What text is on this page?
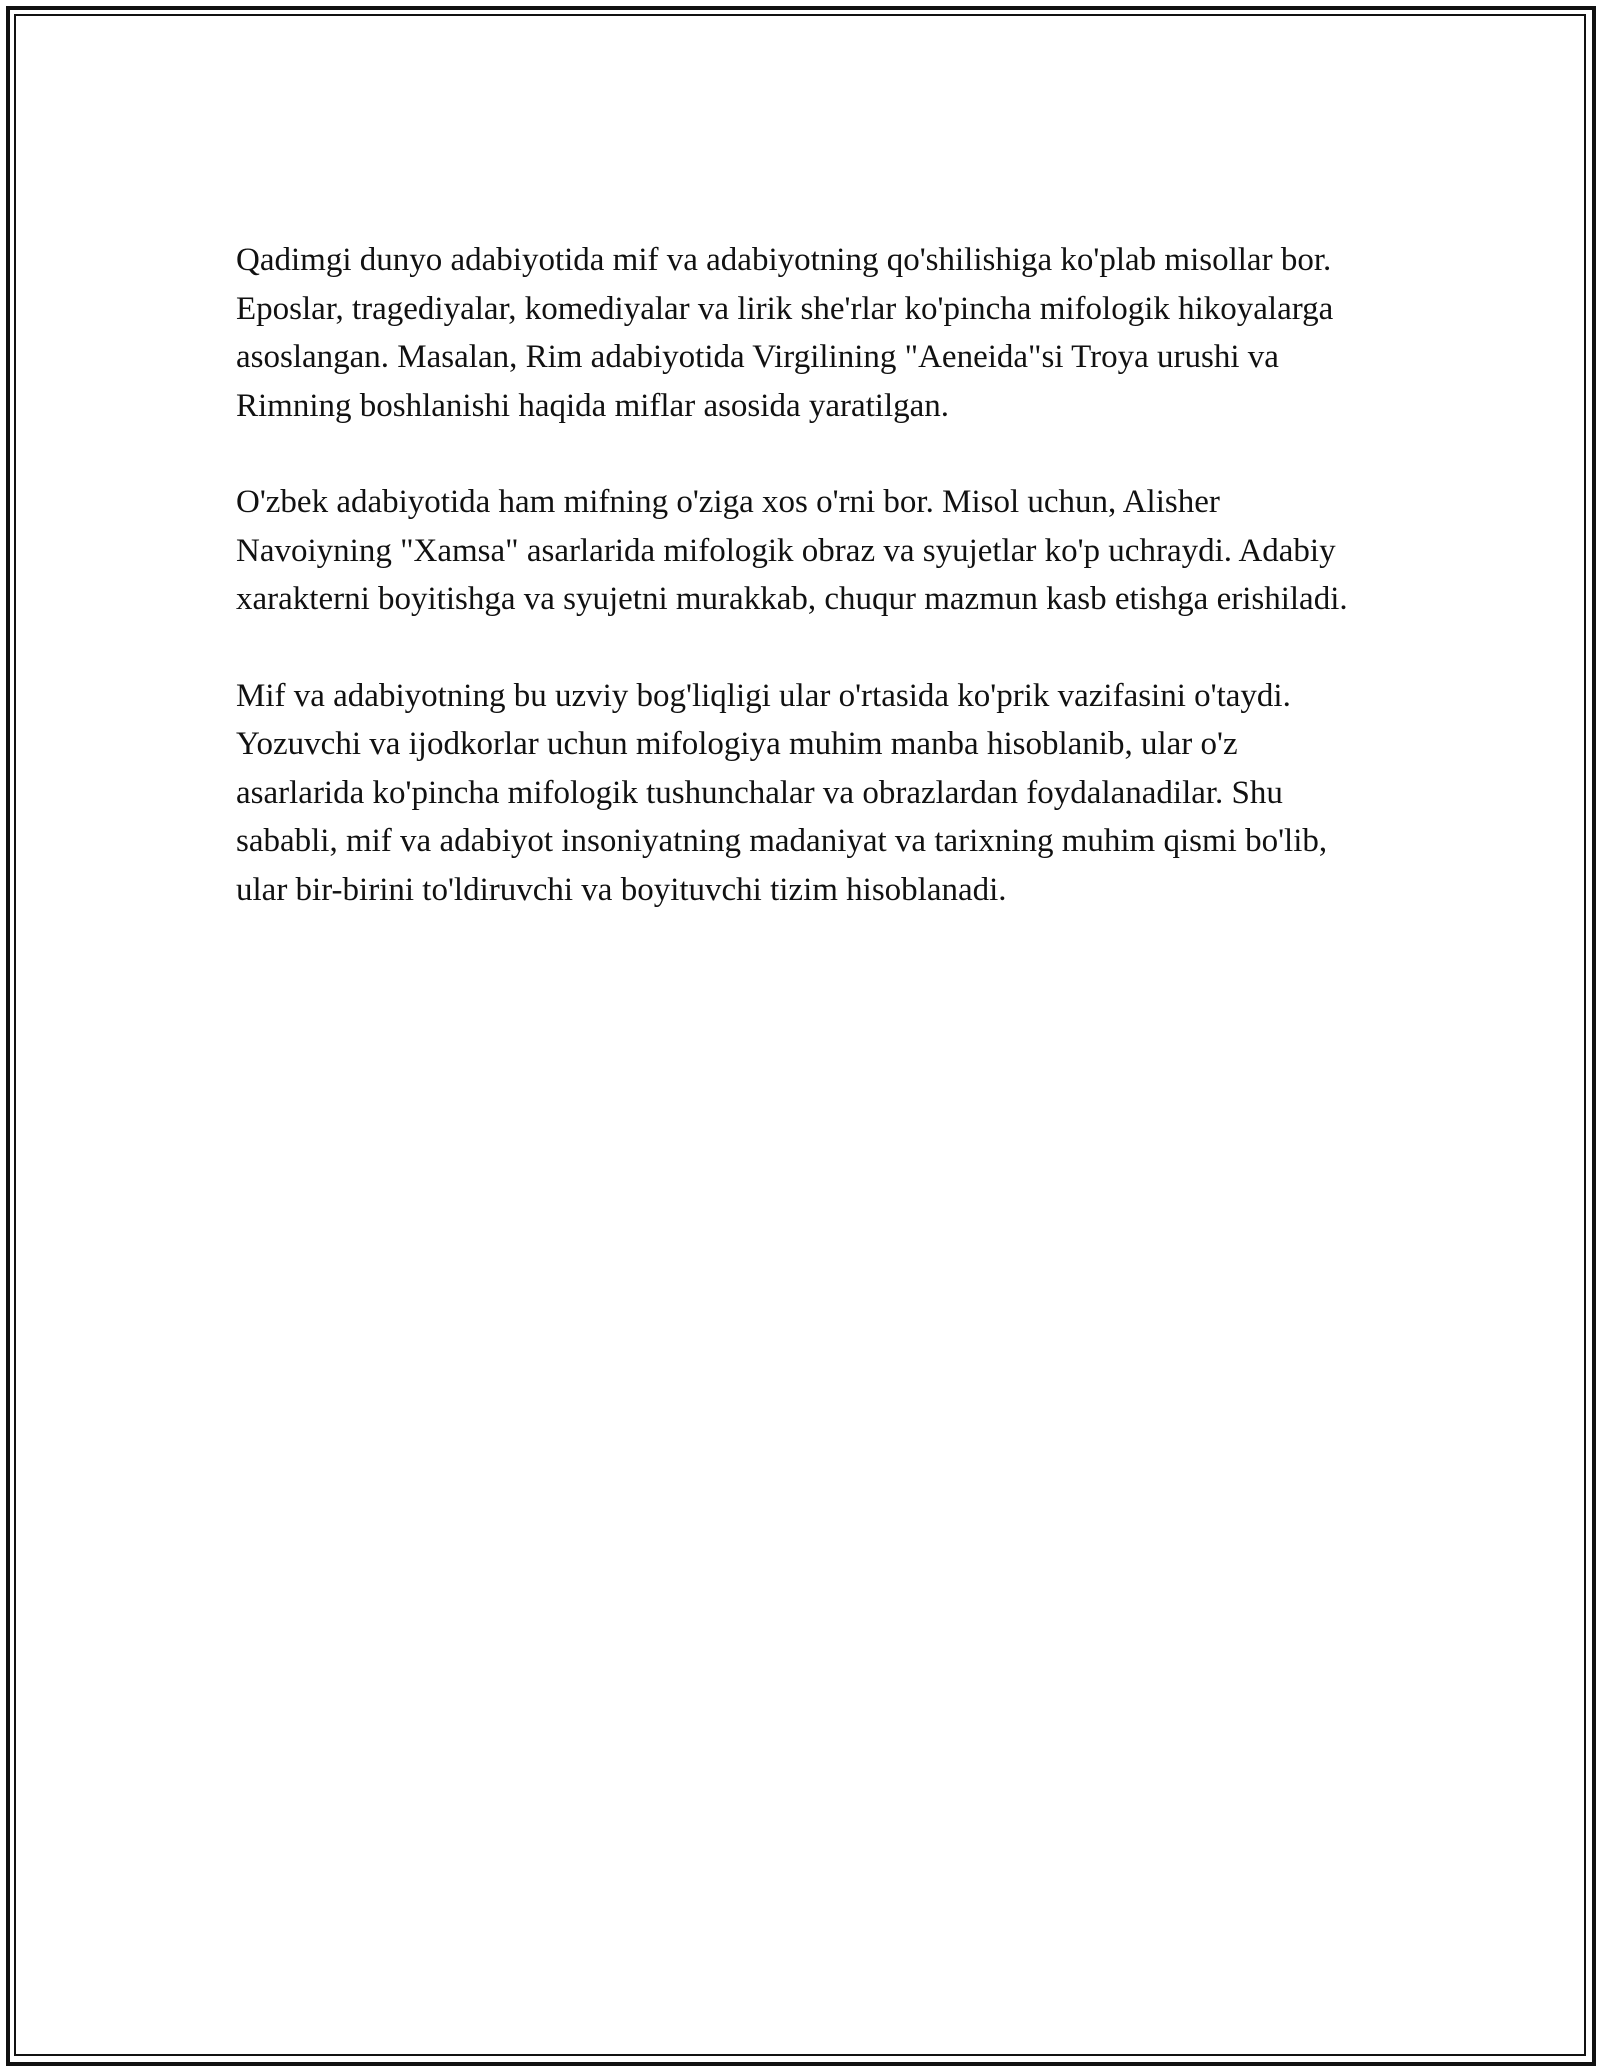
Qadimgi dunyo adabiyotida mif va adabiyotning qo'shilishiga ko'plab misollar bor. Eposlar, tragediyalar, komediyalar va lirik she'rlar ko'pincha mifologik hikoyalarga asoslangan. Masalan, Rim adabiyotida Virgilining "Aeneida"si Troya urushi va Rimning boshlanishi haqida miflar asosida yaratilgan.

O'zbek adabiyotida ham mifning o'ziga xos o'rni bor. Misol uchun, Alisher Navoiyning "Xamsa" asarlarida mifologik obraz va syujetlar ko'p uchraydi. Adabiy xarakterni boyitishga va syujetni murakkab, chuqur mazmun kasb etishga erishiladi.

Mif va adabiyotning bu uzviy bog'liqligi ular o'rtasida ko'prik vazifasini o'taydi. Yozuvchi va ijodkorlar uchun mifologiya muhim manba hisoblanib, ular o'z asarlarida ko'pincha mifologik tushunchalar va obrazlardan foydalanadilar. Shu sababli, mif va adabiyot insoniyatning madaniyat va tarixning muhim qismi bo'lib, ular bir-birini to'ldiruvchi va boyituvchi tizim hisoblanadi.
